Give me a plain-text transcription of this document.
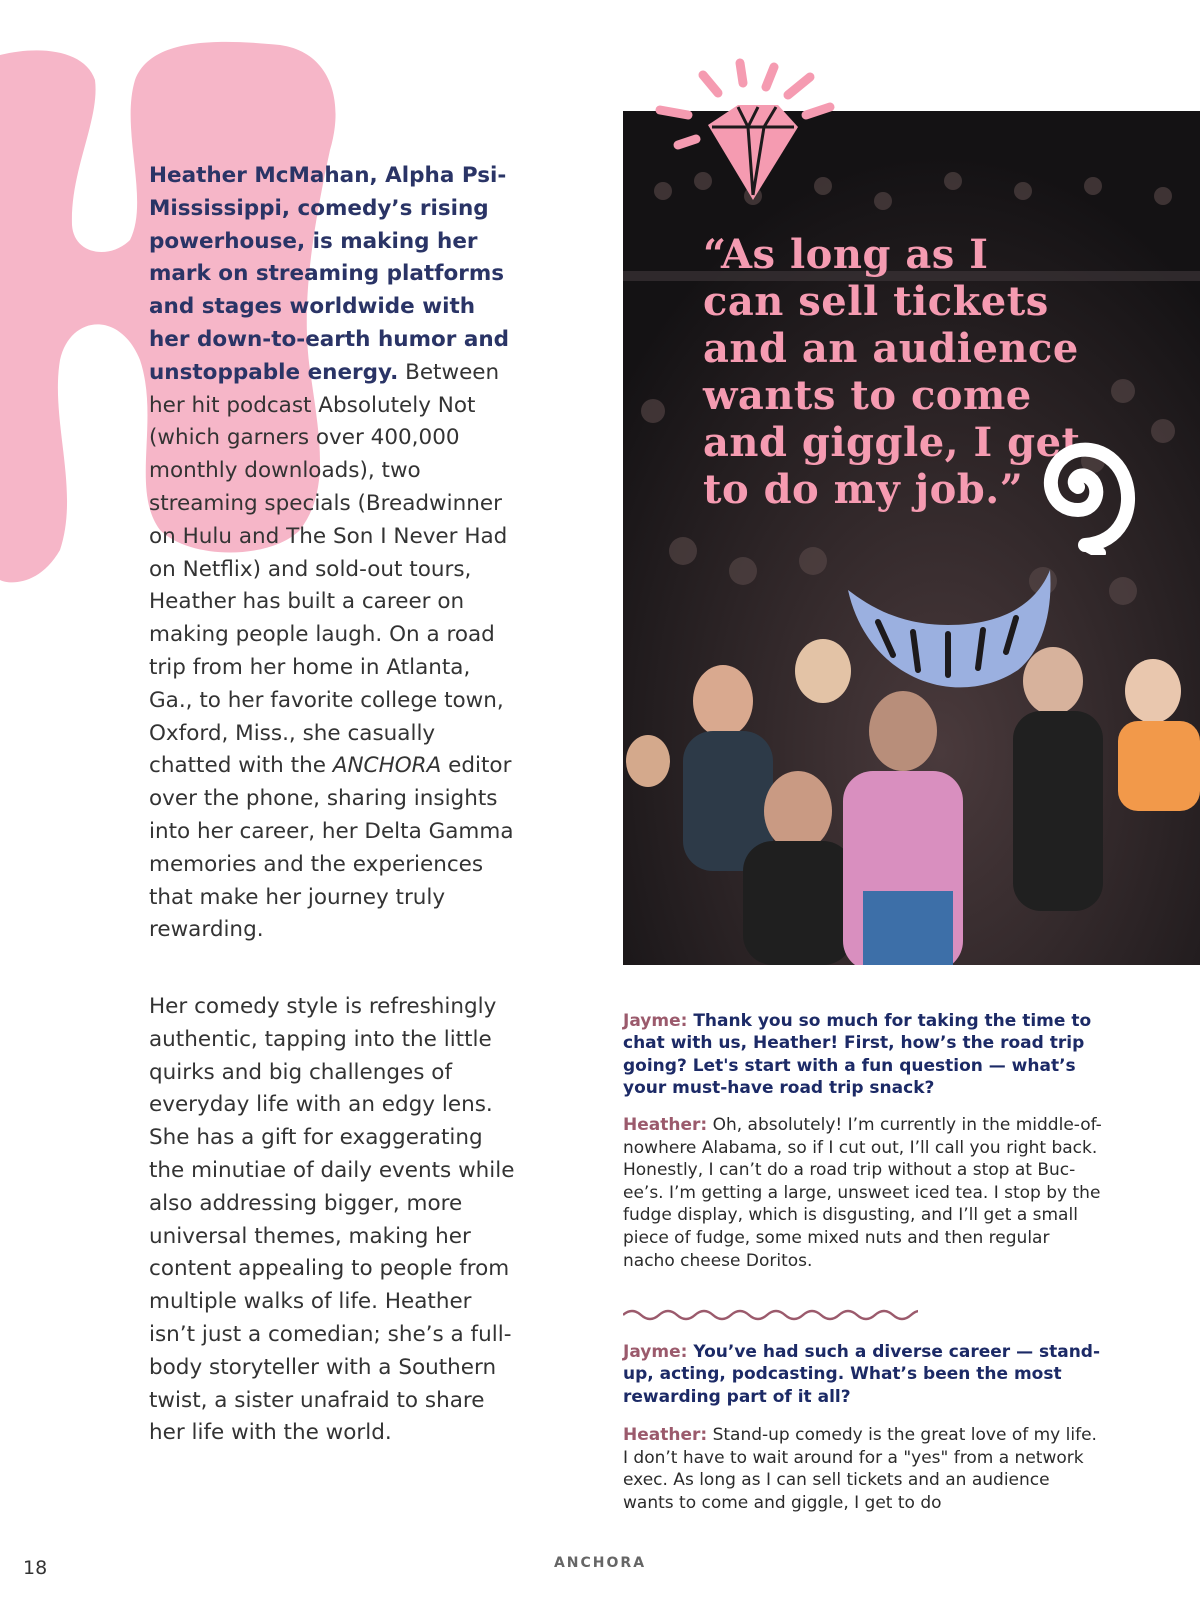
Heather McMahan, Alpha Psi-Mississippi, comedy’s rising powerhouse, is making her mark on streaming platforms and stages worldwide with her down-to-earth humor and unstoppable energy. Between her hit podcast Absolutely Not (which garners over 400,000 monthly downloads), two streaming specials (Breadwinner on Hulu and The Son I Never Had on Netflix) and sold-out tours, Heather has built a career on making people laugh. On a road trip from her home in Atlanta, Ga., to her favorite college town, Oxford, Miss., she casually chatted with the ANCHORA editor over the phone, sharing insights into her career, her Delta Gamma memories and the experiences that make her journey truly rewarding.

Her comedy style is refreshingly authentic, tapping into the little quirks and big challenges of everyday life with an edgy lens. She has a gift for exaggerating the minutiae of daily events while also addressing bigger, more universal themes, making her content appealing to people from multiple walks of life. Heather isn’t just a comedian; she’s a full-body storyteller with a Southern twist, a sister unafraid to share her life with the world.

“As long as I can sell tickets and an audience wants to come and giggle, I get to do my job.”

Jayme: Thank you so much for taking the time to chat with us, Heather! First, how’s the road trip going? Let's start with a fun question — what’s your must-have road trip snack?

Heather: Oh, absolutely! I’m currently in the middle-of-nowhere Alabama, so if I cut out, I’ll call you right back. Honestly, I can’t do a road trip without a stop at Buc-ee’s. I’m getting a large, unsweet iced tea. I stop by the fudge display, which is disgusting, and I’ll get a small piece of fudge, some mixed nuts and then regular nacho cheese Doritos.

Jayme: You’ve had such a diverse career — stand-up, acting, podcasting. What’s been the most rewarding part of it all?

Heather: Stand-up comedy is the great love of my life. I don’t have to wait around for a "yes" from a network exec. As long as I can sell tickets and an audience wants to come and giggle, I get to do

18	ANCHORA
